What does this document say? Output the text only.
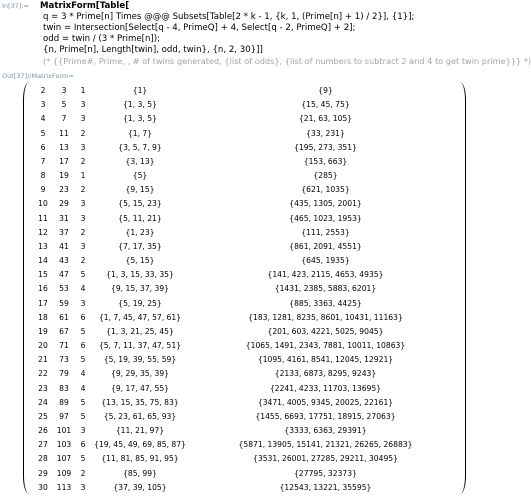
In[37]:= MatrixForm[Table[
q = 3 * Prime[n] Times @@@ Subsets[Table[2 * k - 1, {k, 1, (Prime[n] + 1) / 2}], {1}];
twin = Intersection[Select[q - 4, PrimeQ] + 4, Select[q - 2, PrimeQ] + 2];
odd = twin / (3 * Prime[n]);
{n, Prime[n], Length[twin], odd, twin}, {n, 2, 30}]]
(* {{Prime#, Prime, , # of twins generated, {list of odds}, {list of numbers to subtract 2 and 4 to get twin prime}}} *)
Out[37]//MatrixForm=
2	3	1	{1}	{9}
3	5	3	{1, 3, 5}	{15, 45, 75}
4	7	3	{1, 3, 5}	{21, 63, 105}
5	11	2	{1, 7}	{33, 231}
6	13	3	{3, 5, 7, 9}	{195, 273, 351}
7	17	2	{3, 13}	{153, 663}
8	19	1	{5}	{285}
9	23	2	{9, 15}	{621, 1035}
10	29	3	{5, 15, 23}	{435, 1305, 2001}
11	31	3	{5, 11, 21}	{465, 1023, 1953}
12	37	2	{1, 23}	{111, 2553}
13	41	3	{7, 17, 35}	{861, 2091, 4551}
14	43	2	{5, 15}	{645, 1935}
15	47	5	{1, 3, 15, 33, 35}	{141, 423, 2115, 4653, 4935}
16	53	4	{9, 15, 37, 39}	{1431, 2385, 5883, 6201}
17	59	3	{5, 19, 25}	{885, 3363, 4425}
18	61	6	{1, 7, 45, 47, 57, 61}	{183, 1281, 8235, 8601, 10431, 11163}
19	67	5	{1, 3, 21, 25, 45}	{201, 603, 4221, 5025, 9045}
20	71	6	{5, 7, 11, 37, 47, 51}	{1065, 1491, 2343, 7881, 10011, 10863}
21	73	5	{5, 19, 39, 55, 59}	{1095, 4161, 8541, 12045, 12921}
22	79	4	{9, 29, 35, 39}	{2133, 6873, 8295, 9243}
23	83	4	{9, 17, 47, 55}	{2241, 4233, 11703, 13695}
24	89	5	{13, 15, 35, 75, 83}	{3471, 4005, 9345, 20025, 22161}
25	97	5	{5, 23, 61, 65, 93}	{1455, 6693, 17751, 18915, 27063}
26	101	3	{11, 21, 97}	{3333, 6363, 29391}
27	103	6	{19, 45, 49, 69, 85, 87}	{5871, 13905, 15141, 21321, 26265, 26883}
28	107	5	{11, 81, 85, 91, 95}	{3531, 26001, 27285, 29211, 30495}
29	109	2	{85, 99}	{27795, 32373}
30	113	3	{37, 39, 105}	{12543, 13221, 35595}
